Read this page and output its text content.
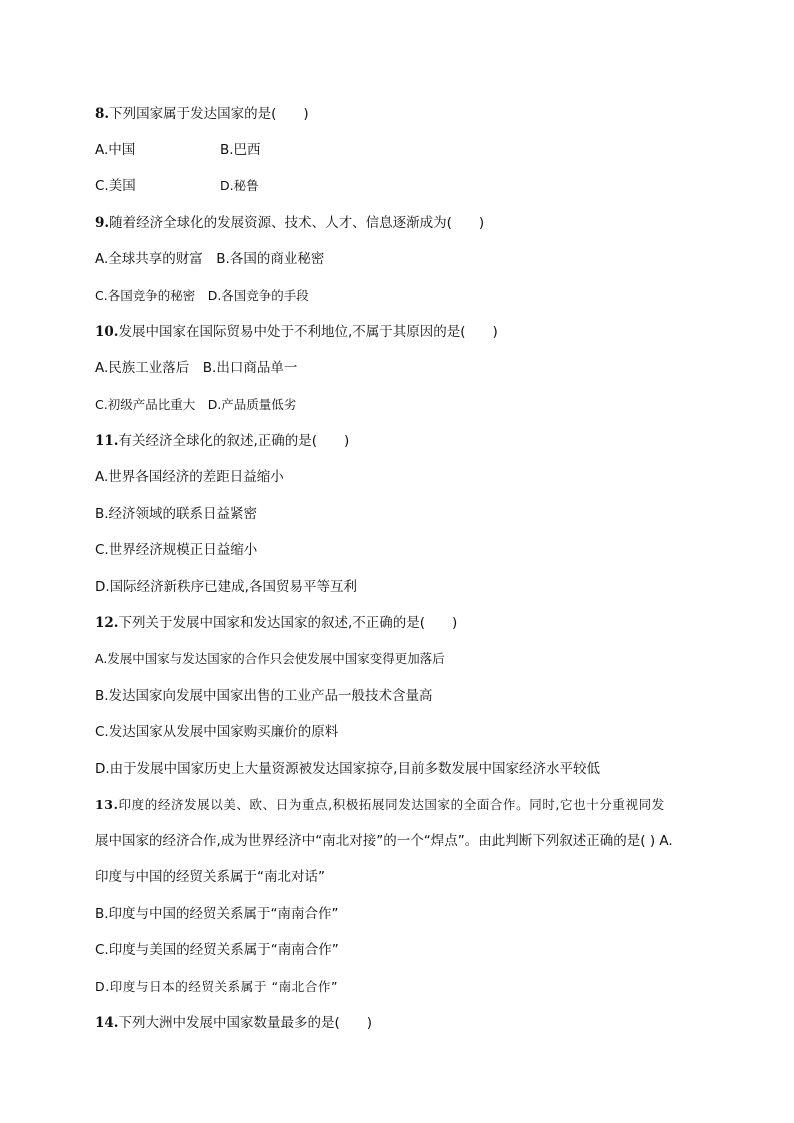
8.下列国家属于发达国家的是(　　)
A.中国	B.巴西
C.美国	D.秘鲁
9.随着经济全球化的发展资源、技术、人才、信息逐渐成为(　　)
A.全球共享的财富　B.各国的商业秘密
C.各国竞争的秘密　D.各国竞争的手段
10.发展中国家在国际贸易中处于不利地位,不属于其原因的是(　　)
A.民族工业落后　B.出口商品单一
C.初级产品比重大　D.产品质量低劣
11.有关经济全球化的叙述,正确的是(　　)
A.世界各国经济的差距日益缩小
B.经济领域的联系日益紧密
C.世界经济规模正日益缩小
D.国际经济新秩序已建成,各国贸易平等互利
12.下列关于发展中国家和发达国家的叙述,不正确的是(　　)
A.发展中国家与发达国家的合作只会使发展中国家变得更加落后
B.发达国家向发展中国家出售的工业产品一般技术含量高
C.发达国家从发展中国家购买廉价的原料
D.由于发展中国家历史上大量资源被发达国家掠夺,目前多数发展中国家经济水平较低
13.印度的经济发展以美、欧、日为重点,积极拓展同发达国家的全面合作。同时,它也十分重视同发
展中国家的经济合作,成为世界经济中“南北对接”的一个“焊点”。由此判断下列叙述正确的是( ) A.
印度与中国的经贸关系属于“南北对话”
B.印度与中国的经贸关系属于“南南合作”
C.印度与美国的经贸关系属于“南南合作”
D.印度与日本的经贸关系属于 “南北合作”
14.下列大洲中发展中国家数量最多的是(　　)
